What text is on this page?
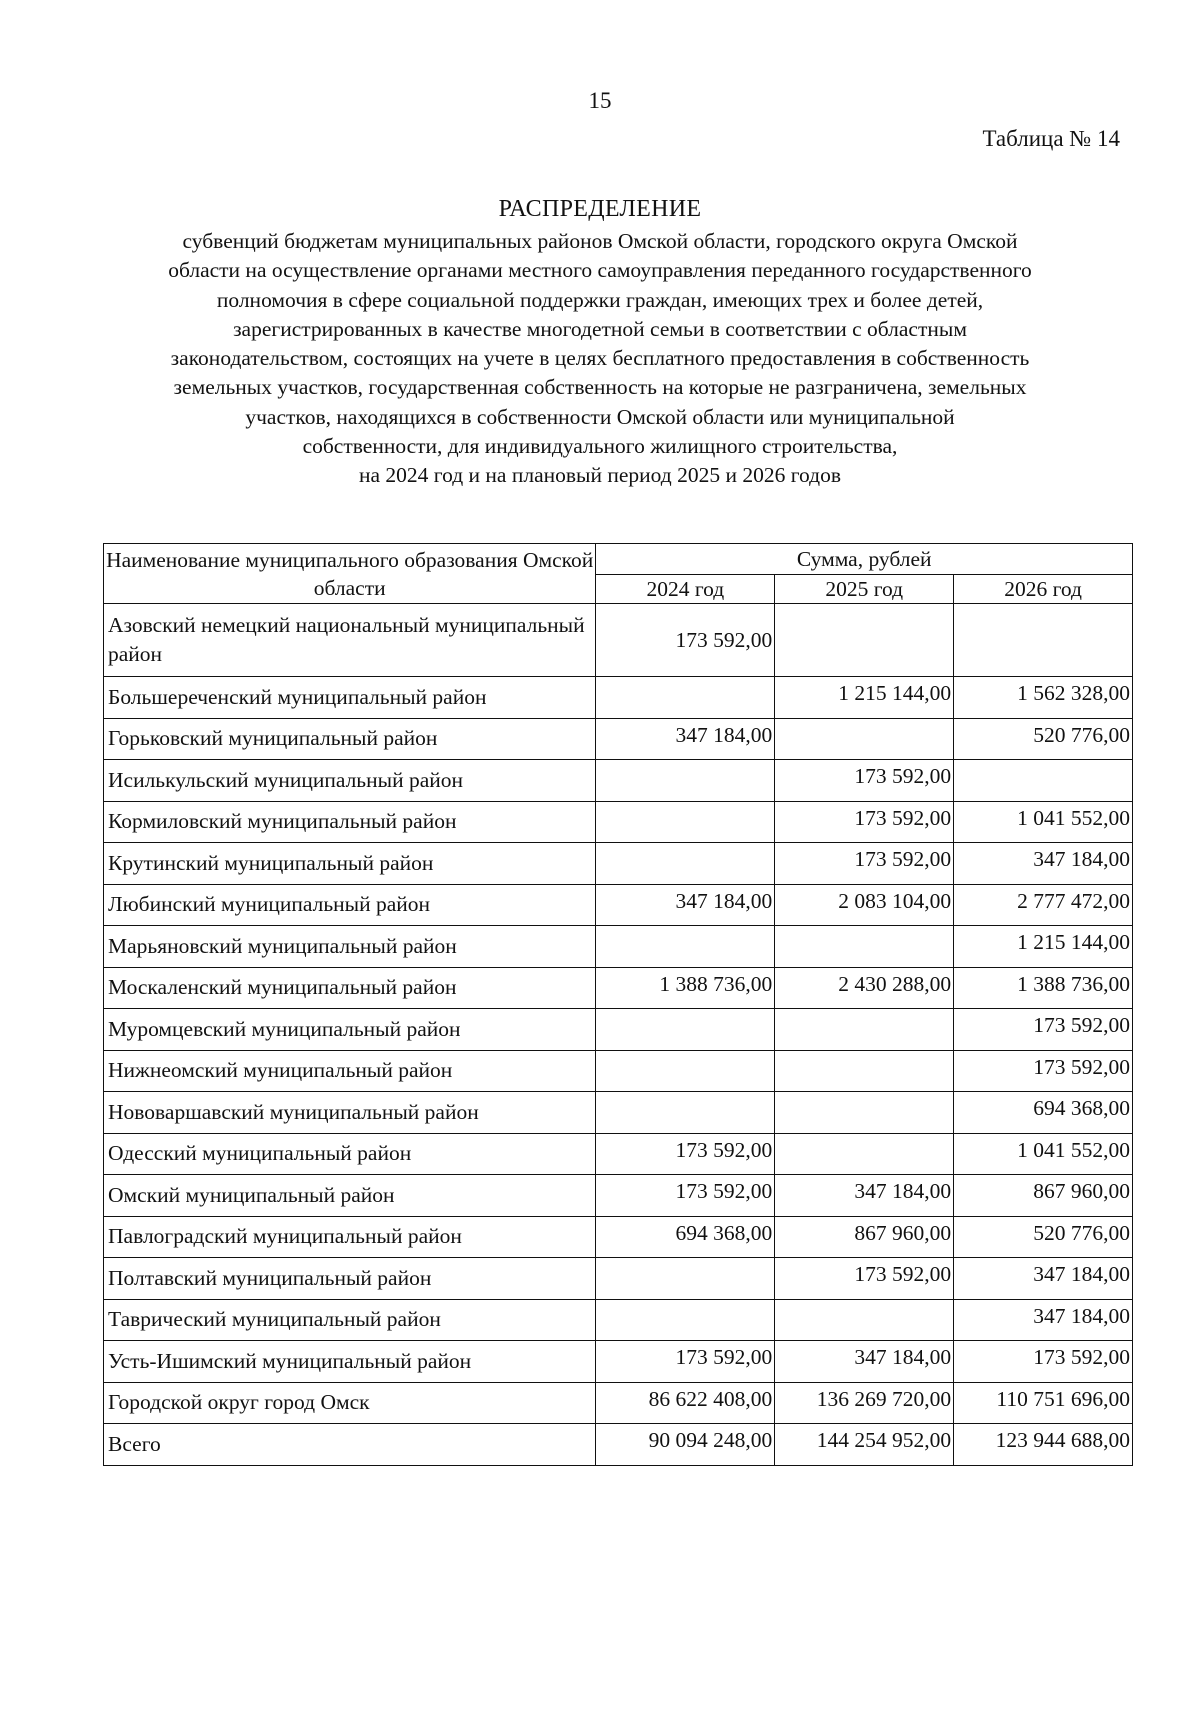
15
Таблица № 14
РАСПРЕДЕЛЕНИЕ
субвенций бюджетам муниципальных районов Омской области, городского округа Омской
области на осуществление органами местного самоуправления переданного государственного
полномочия в сфере социальной поддержки граждан, имеющих трех и более детей,
зарегистрированных в качестве многодетной семьи в соответствии с областным
законодательством, состоящих на учете в целях бесплатного предоставления в собственность
земельных участков, государственная собственность на которые не разграничена, земельных
участков, находящихся в собственности Омской области или муниципальной
собственности, для индивидуального жилищного строительства,
на 2024 год и на плановый период 2025 и 2026 годов
Наименование муниципального образования Омской области	Сумма, рублей		
	2024 год	2025 год	2026 год
Азовский немецкий национальный муниципальный район	173 592,00		
Большереченский муниципальный район		1 215 144,00	1 562 328,00
Горьковский муниципальный район	347 184,00		520 776,00
Исилькульский муниципальный район		173 592,00	
Кормиловский муниципальный район		173 592,00	1 041 552,00
Крутинский муниципальный район		173 592,00	347 184,00
Любинский муниципальный район	347 184,00	2 083 104,00	2 777 472,00
Марьяновский муниципальный район			1 215 144,00
Москаленский муниципальный район	1 388 736,00	2 430 288,00	1 388 736,00
Муромцевский муниципальный район			173 592,00
Нижнеомский муниципальный район			173 592,00
Нововаршавский муниципальный район			694 368,00
Одесский муниципальный район	173 592,00		1 041 552,00
Омский муниципальный район	173 592,00	347 184,00	867 960,00
Павлоградский муниципальный район	694 368,00	867 960,00	520 776,00
Полтавский муниципальный район		173 592,00	347 184,00
Таврический муниципальный район			347 184,00
Усть-Ишимский муниципальный район	173 592,00	347 184,00	173 592,00
Городской округ город Омск	86 622 408,00	136 269 720,00	110 751 696,00
Всего	90 094 248,00	144 254 952,00	123 944 688,00
